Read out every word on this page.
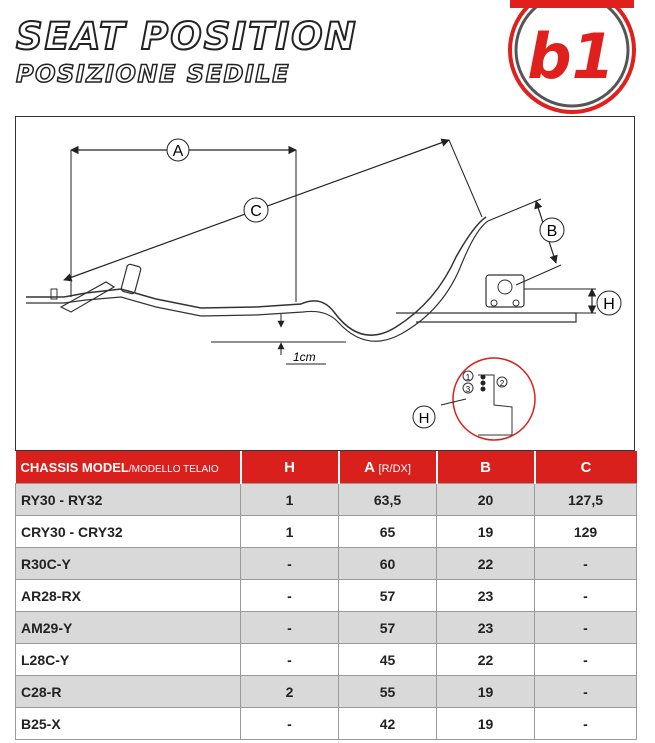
SEAT POSITION
POSIZIONE SEDILE	b1
A
C
B
H
1cm
1
3
2
H
CHASSIS MODEL/MODELLO TELAIO	H	A [R/DX]	B	C
RY30 - RY32	1	63,5	20	127,5
CRY30 - CRY32	1	65	19	129
R30C-Y	-	60	22	-
AR28-RX	-	57	23	-
AM29-Y	-	57	23	-
L28C-Y	-	45	22	-
C28-R	2	55	19	-
B25-X	-	42	19	-
